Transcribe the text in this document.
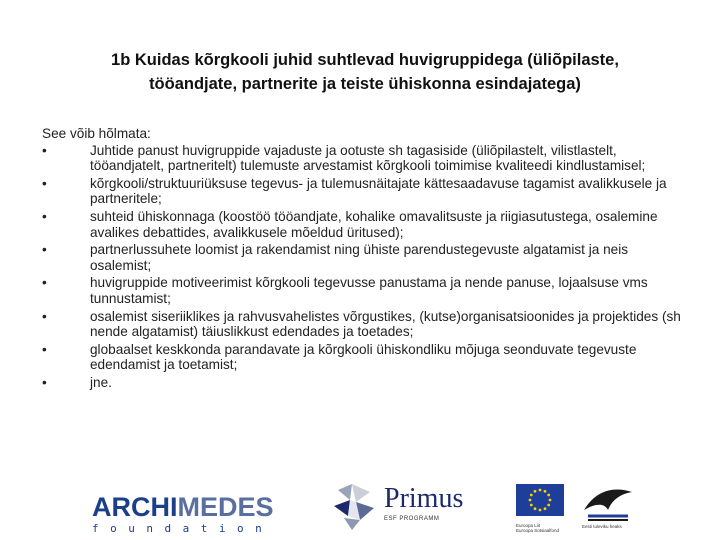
1b Kuidas kõrgkooli juhid suhtlevad huvigruppidega (üliõpilaste,
tööandjate, partnerite ja teiste ühiskonna esindajatega)

See võib hõlmata:

•	Juhtide panust huvigruppide vajaduste ja ootuste sh tagasiside (üliõpilastelt, vilistlastelt, tööandjatelt, partneritelt) tulemuste arvestamist kõrgkooli toimimise kvaliteedi kindlustamisel;
•	kõrgkooli/struktuuriüksuse tegevus- ja tulemusnäitajate kättesaadavuse tagamist avalikkusele ja partneritele;
•	suhteid ühiskonnaga (koostöö tööandjate, kohalike omavalitsuste ja riigiasutustega, osalemine avalikes debattides, avalikkusele mõeldud üritused);
•	partnerlussuhete loomist ja rakendamist ning ühiste parendustegevuste algatamist ja neis osalemist;
•	huvigruppide motiveerimist kõrgkooli tegevusse panustama ja nende panuse, lojaalsuse vms tunnustamist;
•	osalemist siseriiklikes ja rahvusvahelistes võrgustikes, (kutse)organisatsioonides ja projektides (sh nende algatamist) täiuslikkust edendades ja toetades;
•	globaalset keskkonda parandavate ja kõrgkooli ühiskondliku mõjuga seonduvate tegevuste edendamist ja toetamist;
•	jne.
ARCHIMEDES
foundation
Primus
ESF PROGRAMM
Euroopa Liit
Euroopa Sotsiaalfond
Eesti tuleviku heaks
